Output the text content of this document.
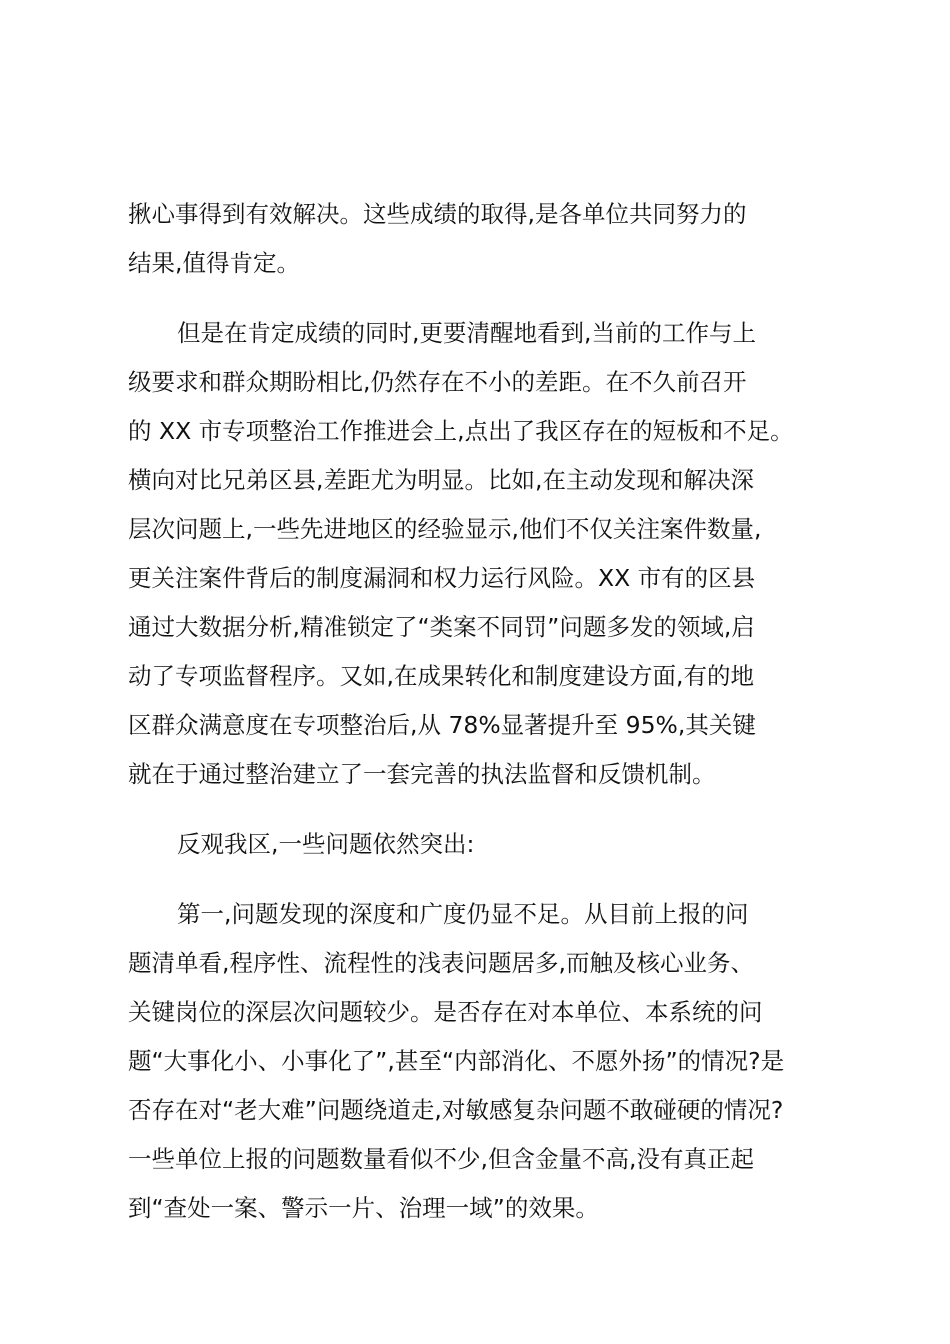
揪心事得到有效解决。这些成绩的取得,是各单位共同努力的
结果,值得肯定。

但是在肯定成绩的同时,更要清醒地看到,当前的工作与上
级要求和群众期盼相比,仍然存在不小的差距。在不久前召开
的 XX 市专项整治工作推进会上,点出了我区存在的短板和不足。
横向对比兄弟区县,差距尤为明显。比如,在主动发现和解决深
层次问题上,一些先进地区的经验显示,他们不仅关注案件数量,
更关注案件背后的制度漏洞和权力运行风险。XX 市有的区县
通过大数据分析,精准锁定了“类案不同罚”问题多发的领域,启
动了专项监督程序。又如,在成果转化和制度建设方面,有的地
区群众满意度在专项整治后,从 78%显著提升至 95%,其关键
就在于通过整治建立了一套完善的执法监督和反馈机制。

反观我区,一些问题依然突出:

第一,问题发现的深度和广度仍显不足。从目前上报的问
题清单看,程序性、流程性的浅表问题居多,而触及核心业务、
关键岗位的深层次问题较少。是否存在对本单位、本系统的问
题“大事化小、小事化了”,甚至“内部消化、不愿外扬”的情况?是
否存在对“老大难”问题绕道走,对敏感复杂问题不敢碰硬的情况?
一些单位上报的问题数量看似不少,但含金量不高,没有真正起
到“查处一案、警示一片、治理一域”的效果。
